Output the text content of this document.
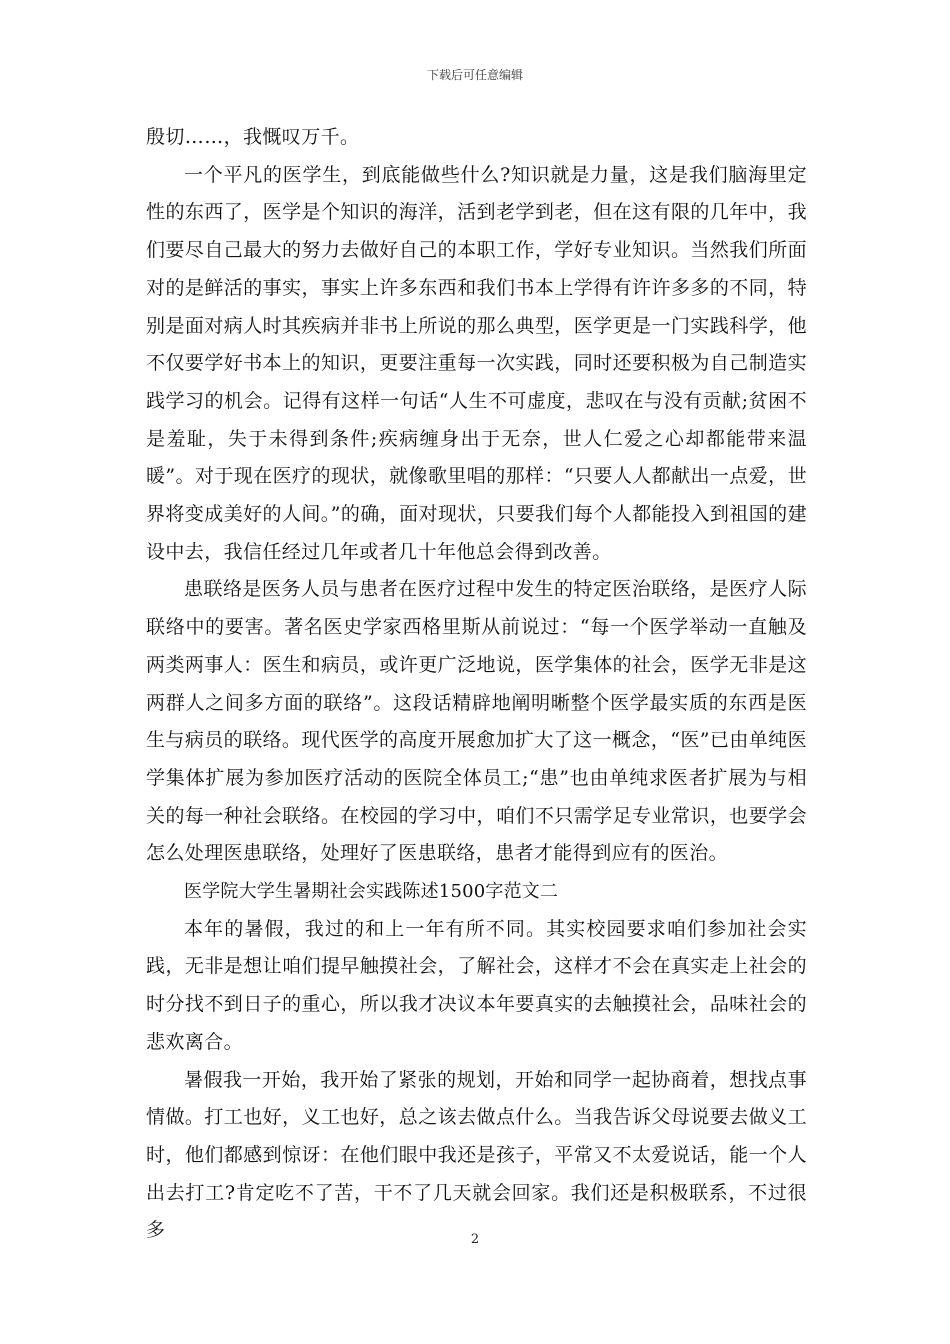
下载后可任意编辑

殷切……，我慨叹万千。

一个平凡的医学生，到底能做些什么?知识就是力量，这是我们脑海里定性的东西了，医学是个知识的海洋，活到老学到老，但在这有限的几年中，我们要尽自己最大的努力去做好自己的本职工作，学好专业知识。当然我们所面对的是鲜活的事实，事实上许多东西和我们书本上学得有许许多多的不同，特别是面对病人时其疾病并非书上所说的那么典型，医学更是一门实践科学，他不仅要学好书本上的知识，更要注重每一次实践，同时还要积极为自己制造实践学习的机会。记得有这样一句话“人生不可虚度，悲叹在与没有贡献;贫困不是羞耻，失于未得到条件;疾病缠身出于无奈，世人仁爱之心却都能带来温暖”。对于现在医疗的现状，就像歌里唱的那样：“只要人人都献出一点爱，世界将变成美好的人间。”的确，面对现状，只要我们每个人都能投入到祖国的建设中去，我信任经过几年或者几十年他总会得到改善。

患联络是医务人员与患者在医疗过程中发生的特定医治联络，是医疗人际联络中的要害。著名医史学家西格里斯从前说过：“每一个医学举动一直触及两类两事人：医生和病员，或许更广泛地说，医学集体的社会，医学无非是这两群人之间多方面的联络”。这段话精辟地阐明晰整个医学最实质的东西是医生与病员的联络。现代医学的高度开展愈加扩大了这一概念，“医”已由单纯医学集体扩展为参加医疗活动的医院全体员工;“患”也由单纯求医者扩展为与相关的每一种社会联络。在校园的学习中，咱们不只需学足专业常识，也要学会怎么处理医患联络，处理好了医患联络，患者才能得到应有的医治。

医学院大学生暑期社会实践陈述1500字范文二

本年的暑假，我过的和上一年有所不同。其实校园要求咱们参加社会实践，无非是想让咱们提早触摸社会，了解社会，这样才不会在真实走上社会的时分找不到日子的重心，所以我才决议本年要真实的去触摸社会，品味社会的悲欢离合。

暑假我一开始，我开始了紧张的规划，开始和同学一起协商着，想找点事情做。打工也好，义工也好，总之该去做点什么。当我告诉父母说要去做义工时，他们都感到惊讶：在他们眼中我还是孩子，平常又不太爱说话，能一个人出去打工?肯定吃不了苦，干不了几天就会回家。我们还是积极联系，不过很多	2
